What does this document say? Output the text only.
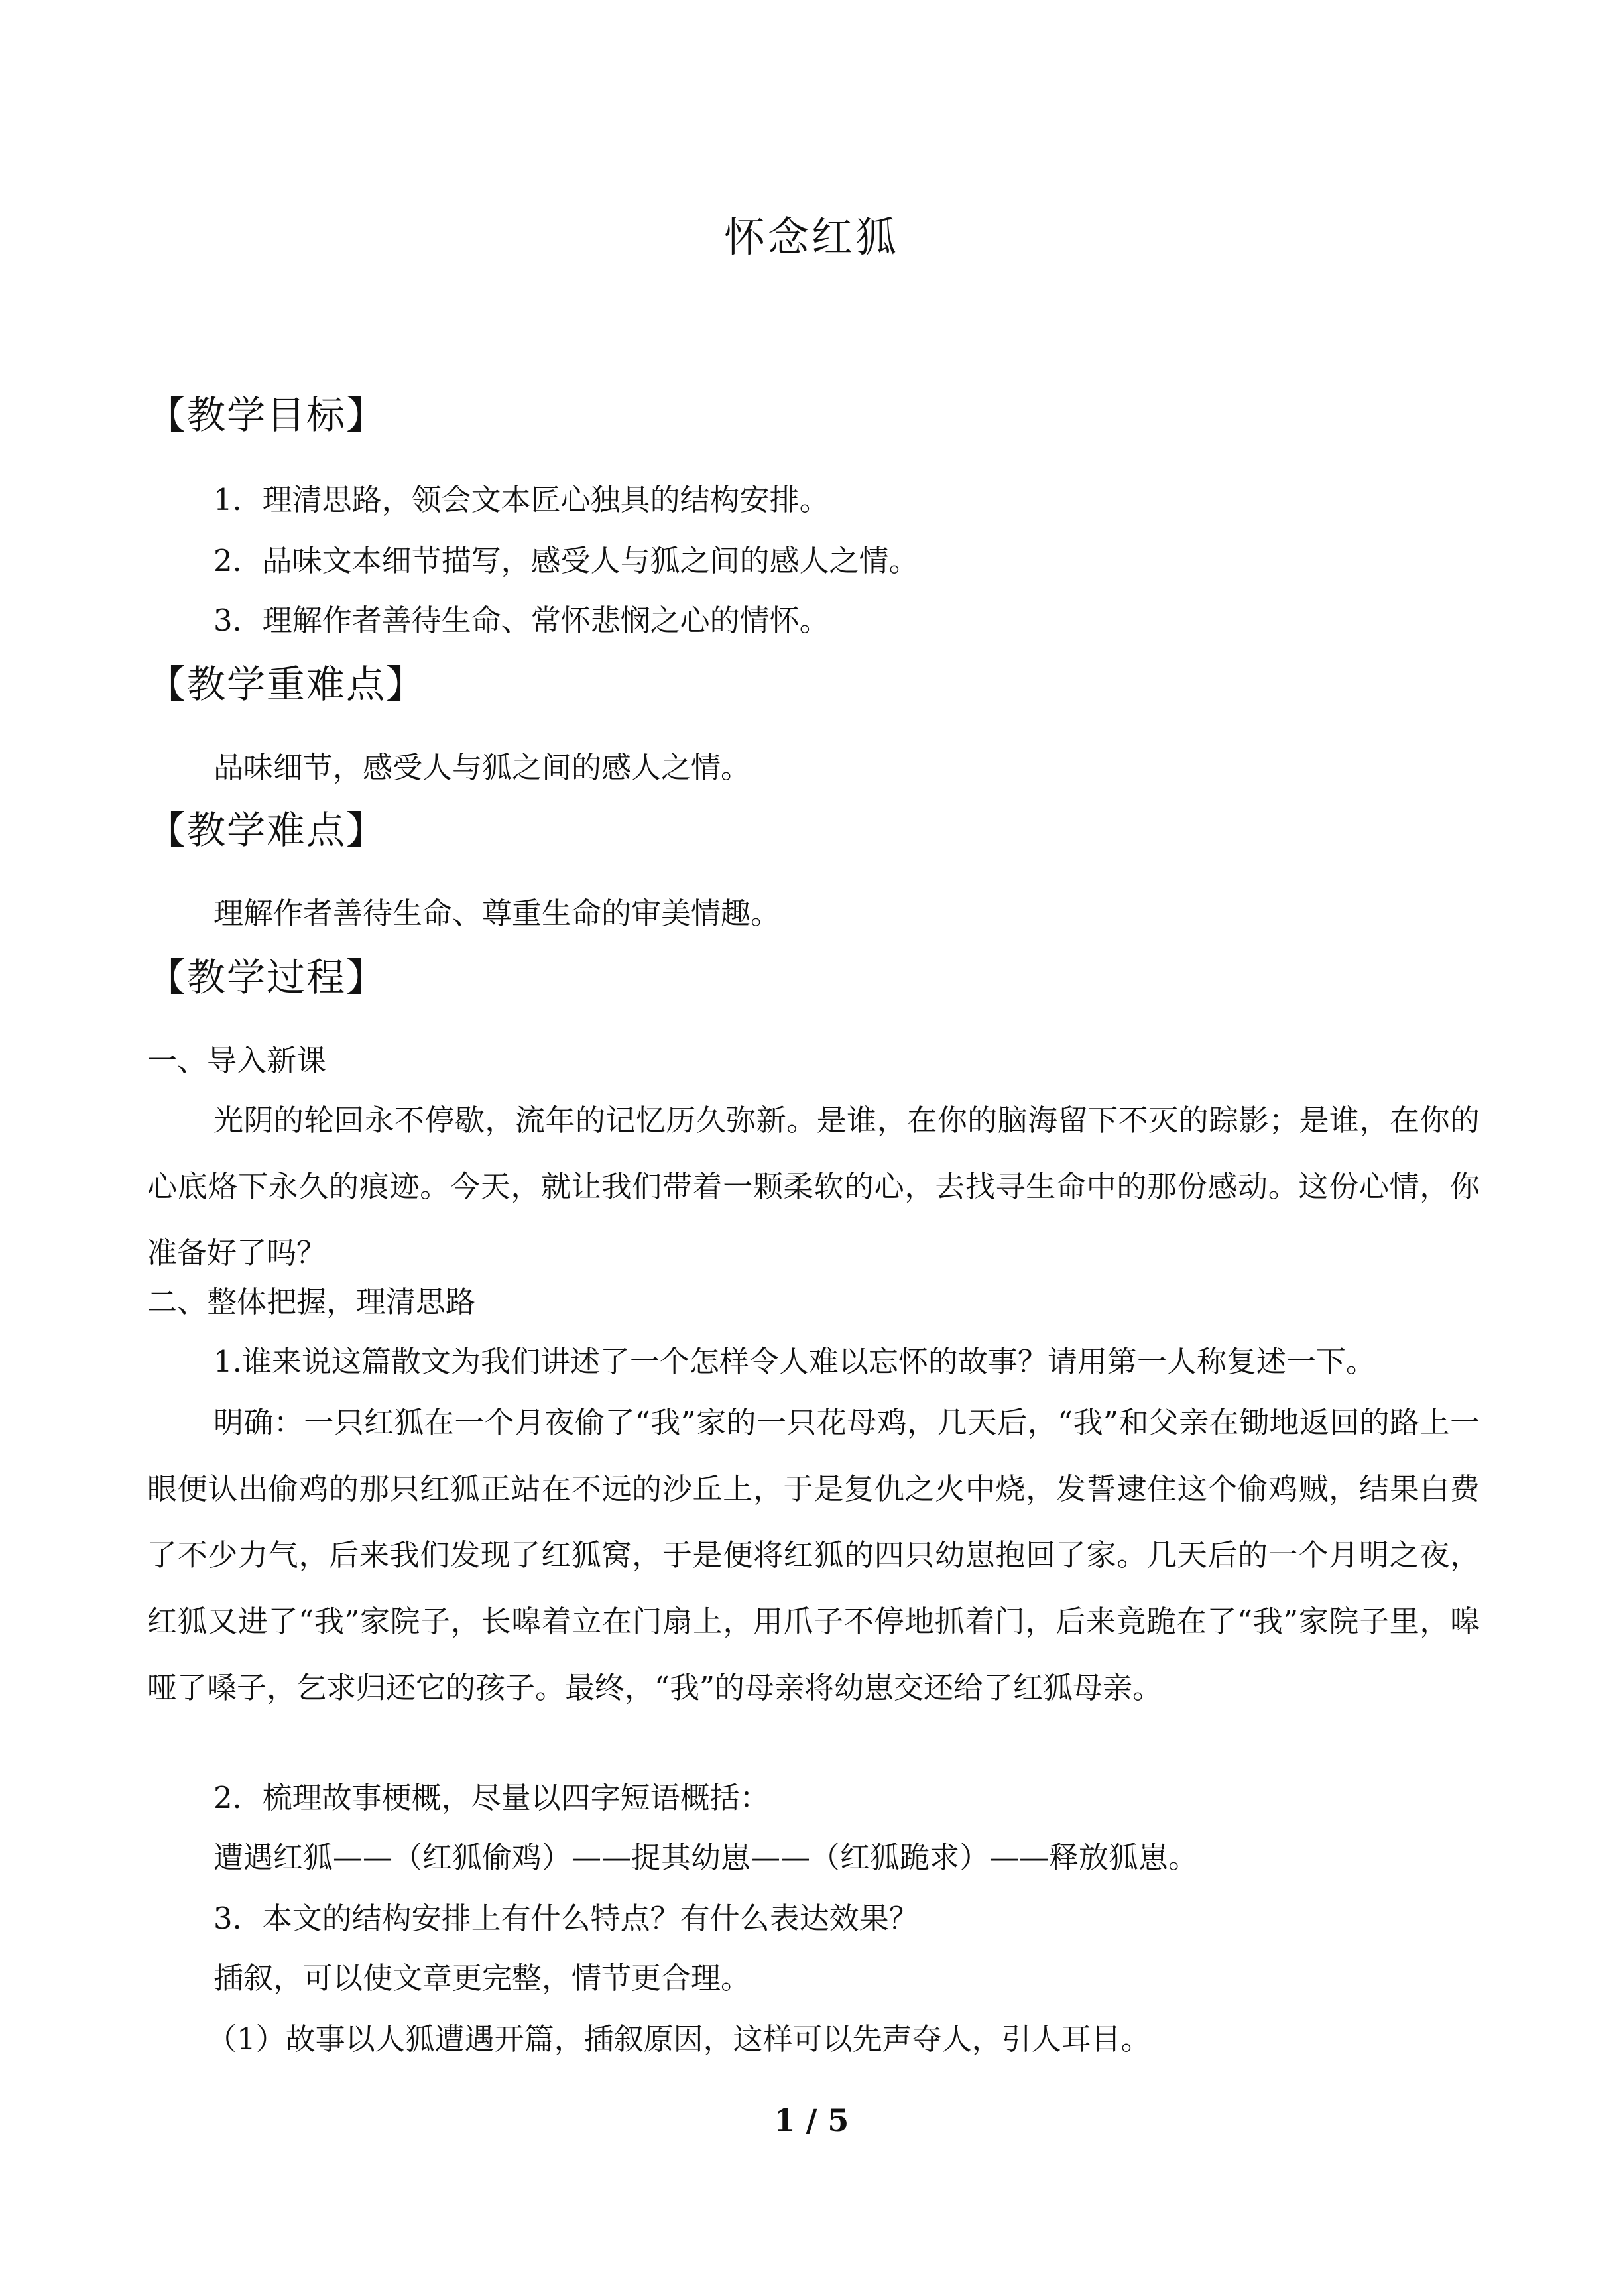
怀念红狐
【教学目标】
1．理清思路，领会文本匠心独具的结构安排。
2．品味文本细节描写，感受人与狐之间的感人之情。
3．理解作者善待生命、常怀悲悯之心的情怀。
【教学重难点】
品味细节，感受人与狐之间的感人之情。
【教学难点】
理解作者善待生命、尊重生命的审美情趣。
【教学过程】
一、导入新课
光阴的轮回永不停歇，流年的记忆历久弥新。是谁，在你的脑海留下不灭的踪影；是谁，在你的心底烙下永久的痕迹。今天，就让我们带着一颗柔软的心，去找寻生命中的那份感动。这份心情，你准备好了吗？
二、整体把握，理清思路
1.谁来说这篇散文为我们讲述了一个怎样令人难以忘怀的故事？请用第一人称复述一下。
明确：一只红狐在一个月夜偷了“我”家的一只花母鸡，几天后，“我”和父亲在锄地返回的路上一眼便认出偷鸡的那只红狐正站在不远的沙丘上，于是复仇之火中烧，发誓逮住这个偷鸡贼，结果白费了不少力气，后来我们发现了红狐窝，于是便将红狐的四只幼崽抱回了家。几天后的一个月明之夜，红狐又进了“我”家院子，长嗥着立在门扇上，用爪子不停地抓着门，后来竟跪在了“我”家院子里，嗥哑了嗓子，乞求归还它的孩子。最终，“我”的母亲将幼崽交还给了红狐母亲。
2．梳理故事梗概，尽量以四字短语概括：
遭遇红狐——（红狐偷鸡）——捉其幼崽——（红狐跪求）——释放狐崽。
3．本文的结构安排上有什么特点？有什么表达效果？
插叙，可以使文章更完整，情节更合理。
（1）故事以人狐遭遇开篇，插叙原因，这样可以先声夺人，引人耳目。
1 / 5
